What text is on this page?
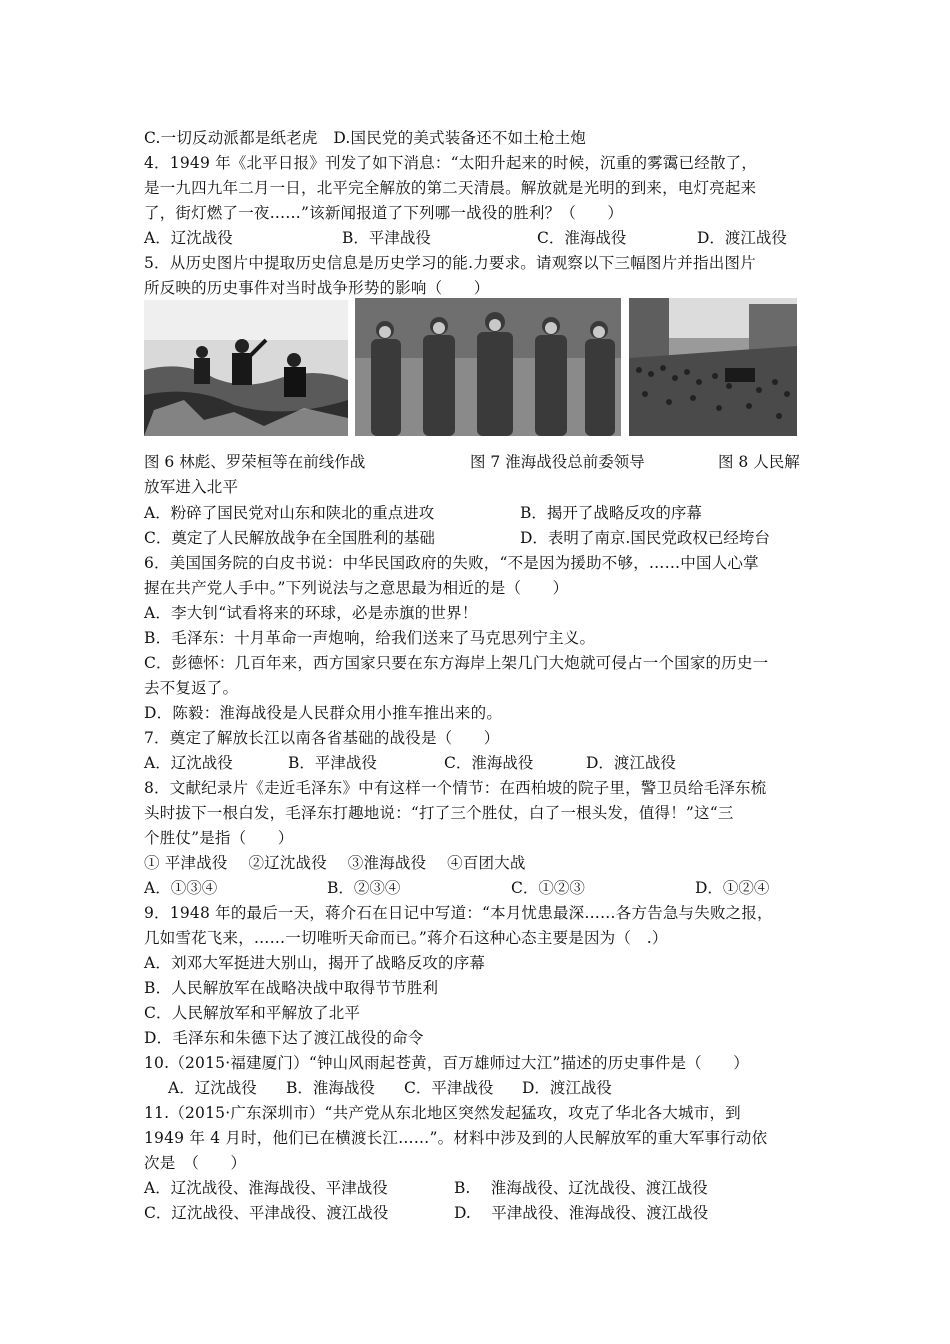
C.一切反动派都是纸老虎　D.国民党的美式装备还不如土枪土炮
4．1949 年《北平日报》刊发了如下消息：“太阳升起来的时候，沉重的雾霭已经散了，
是一九四九年二月一日，北平完全解放的第二天清晨。解放就是光明的到来，电灯亮起来
了，街灯燃了一夜……”该新闻报道了下列哪一战役的胜利？（　　）
A．辽沈战役	B．平津战役	C．淮海战役	D．渡江战役
5．从历史图片中提取历史信息是历史学习的能.力要求。请观察以下三幅图片并指出图片
所反映的历史事件对当时战争形势的影响（　　）
图 6 林彪、罗荣桓等在前线作战	图 7 淮海战役总前委领导	图 8 人民解
放军进入北平
A．粉碎了国民党对山东和陕北的重点进攻	B．揭开了战略反攻的序幕
C．奠定了人民解放战争在全国胜利的基础	D．表明了南京.国民党政权已经垮台
6．美国国务院的白皮书说：中华民国政府的失败，“不是因为援助不够，……中国人心掌
握在共产党人手中。”下列说法与之意思最为相近的是（　　）
A．李大钊“试看将来的环球，必是赤旗的世界！
B．毛泽东：十月革命一声炮响，给我们送来了马克思列宁主义。
C．彭德怀：几百年来，西方国家只要在东方海岸上架几门大炮就可侵占一个国家的历史一
去不复返了。
D．陈毅：淮海战役是人民群众用小推车推出来的。
7．奠定了解放长江以南各省基础的战役是（　　）
A．辽沈战役	B．平津战役	C．淮海战役	D．渡江战役
8．文献纪录片《走近毛泽东》中有这样一个情节：在西柏坡的院子里，警卫员给毛泽东梳
头时拔下一根白发，毛泽东打趣地说：“打了三个胜仗，白了一根头发，值得！”这“三
个胜仗”是指（　　）
① 平津战役　 ②辽沈战役　 ③淮海战役　 ④百团大战
A．①③④	B．②③④	C．①②③	D．①②④
9．1948 年的最后一天，蒋介石在日记中写道：“本月忧患最深……各方告急与失败之报，
几如雪花飞来，……一切唯听天命而已。”蒋介石这种心态主要是因为（　.）
A．刘邓大军挺进大别山，揭开了战略反攻的序幕
B．人民解放军在战略决战中取得节节胜利
C．人民解放军和平解放了北平
D．毛泽东和朱德下达了渡江战役的命令
10.（2015·福建厦门）“钟山风雨起苍黄，百万雄师过大江”描述的历史事件是（　　）
A．辽沈战役 B．淮海战役 C．平津战役 D．渡江战役
11.（2015·广东深圳市）“共产党从东北地区突然发起猛攻，攻克了华北各大城市，到
1949 年 4 月时，他们已在横渡长江……”。材料中涉及到的人民解放军的重大军事行动依
次是　（　　）
A．辽沈战役、淮海战役、平津战役	B.　 淮海战役、辽沈战役、渡江战役
C．辽沈战役、平津战役、渡江战役	D.　 平津战役、淮海战役、渡江战役
